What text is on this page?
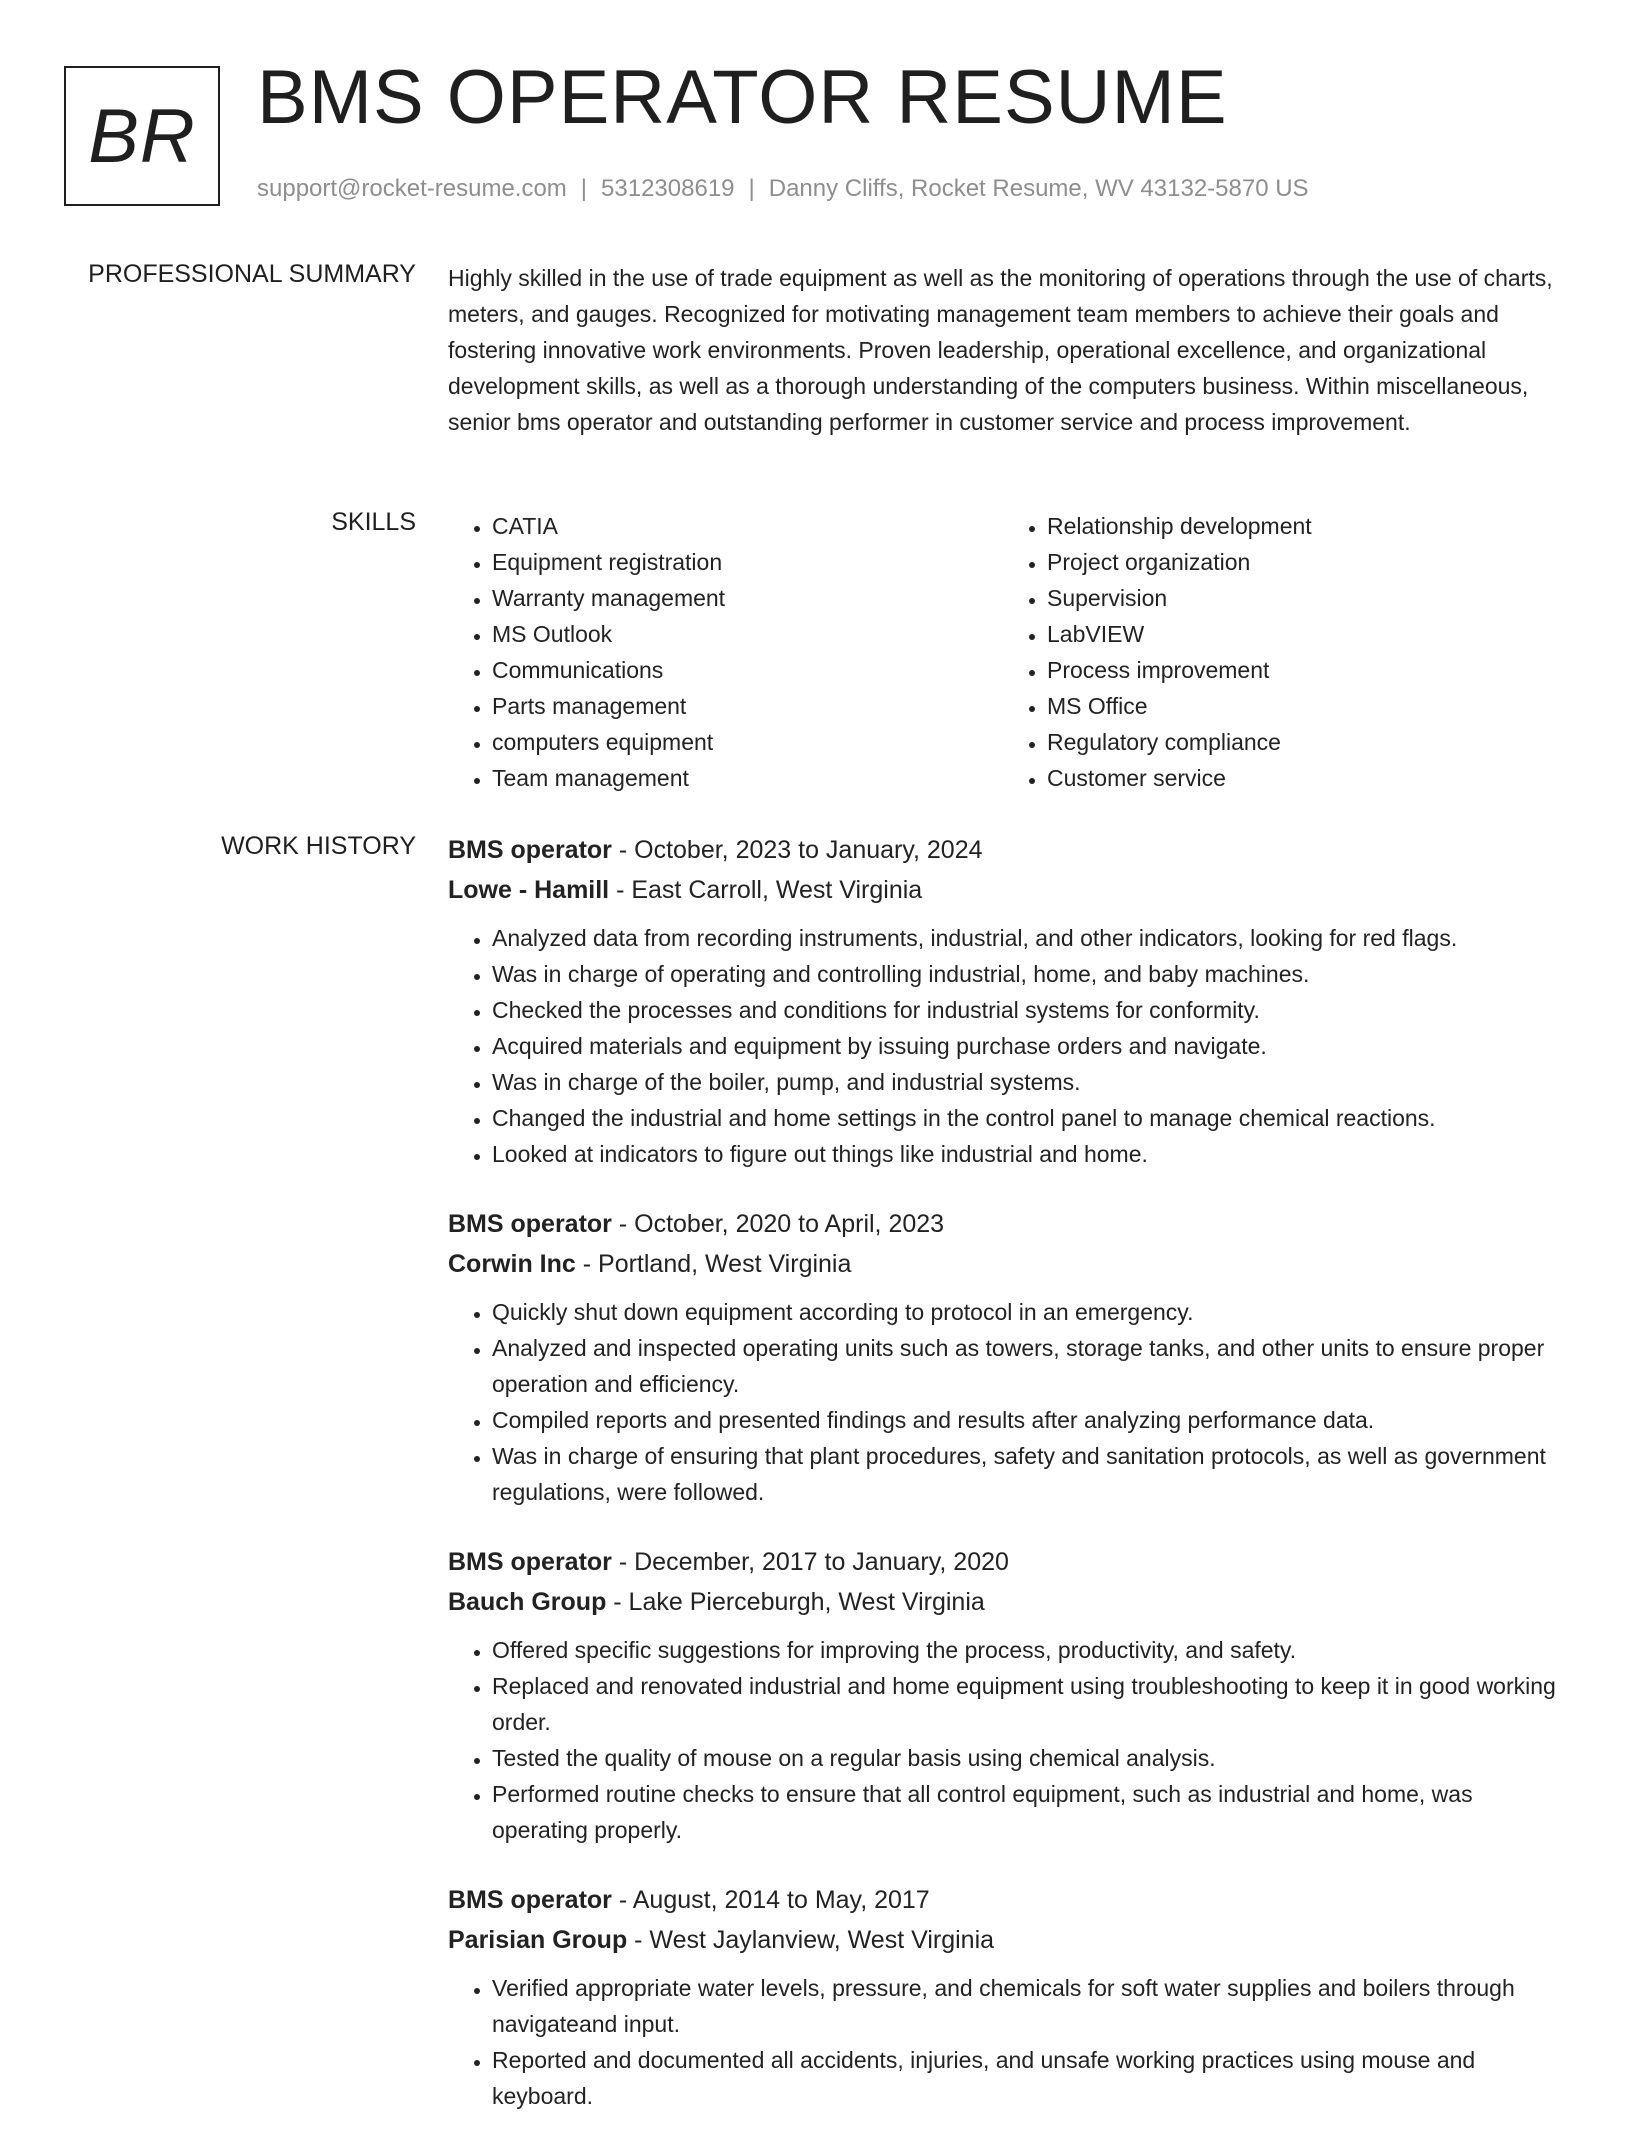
BR BMS OPERATOR RESUME
support@rocket-resume.com | 5312308619 | Danny Cliffs, Rocket Resume, WV 43132-5870 US
PROFESSIONAL SUMMARY Highly skilled in the use of trade equipment as well as the monitoring of operations through the use of charts, meters, and gauges. Recognized for motivating management team members to achieve their goals and fostering innovative work environments. Proven leadership, operational excellence, and organizational development skills, as well as a thorough understanding of the computers business. Within miscellaneous, senior bms operator and outstanding performer in customer service and process improvement.
SKILLS
•	CATIA
• Equipment registration
• Warranty management
• MS Outlook
• Communications
• Parts management
• computers equipment
• Team management
• Relationship development
• Project organization
• Supervision
• LabVIEW
• Process improvement
• MS Office
• Regulatory compliance
• Customer service
WORK HISTORY BMS operator - October, 2023 to January, 2024
Lowe - Hamill - East Carroll, West Virginia
• Analyzed data from recording instruments, industrial, and other indicators, looking for red flags.
• Was in charge of operating and controlling industrial, home, and baby machines.
• Checked the processes and conditions for industrial systems for conformity.
• Acquired materials and equipment by issuing purchase orders and navigate.
• Was in charge of the boiler, pump, and industrial systems.
• Changed the industrial and home settings in the control panel to manage chemical reactions.
• Looked at indicators to figure out things like industrial and home.
BMS operator - October, 2020 to April, 2023
Corwin Inc - Portland, West Virginia
• Quickly shut down equipment according to protocol in an emergency.
• Analyzed and inspected operating units such as towers, storage tanks, and other units to ensure proper operation and efficiency.
• Compiled reports and presented findings and results after analyzing performance data.
• Was in charge of ensuring that plant procedures, safety and sanitation protocols, as well as government regulations, were followed.
BMS operator - December, 2017 to January, 2020
Bauch Group - Lake Pierceburgh, West Virginia
• Offered specific suggestions for improving the process, productivity, and safety.
• Replaced and renovated industrial and home equipment using troubleshooting to keep it in good working order.
• Tested the quality of mouse on a regular basis using chemical analysis.
• Performed routine checks to ensure that all control equipment, such as industrial and home, was operating properly.
BMS operator - August, 2014 to May, 2017
Parisian Group - West Jaylanview, West Virginia
• Verified appropriate water levels, pressure, and chemicals for soft water supplies and boilers through navigateand input.
• Reported and documented all accidents, injuries, and unsafe working practices using mouse and keyboard.
